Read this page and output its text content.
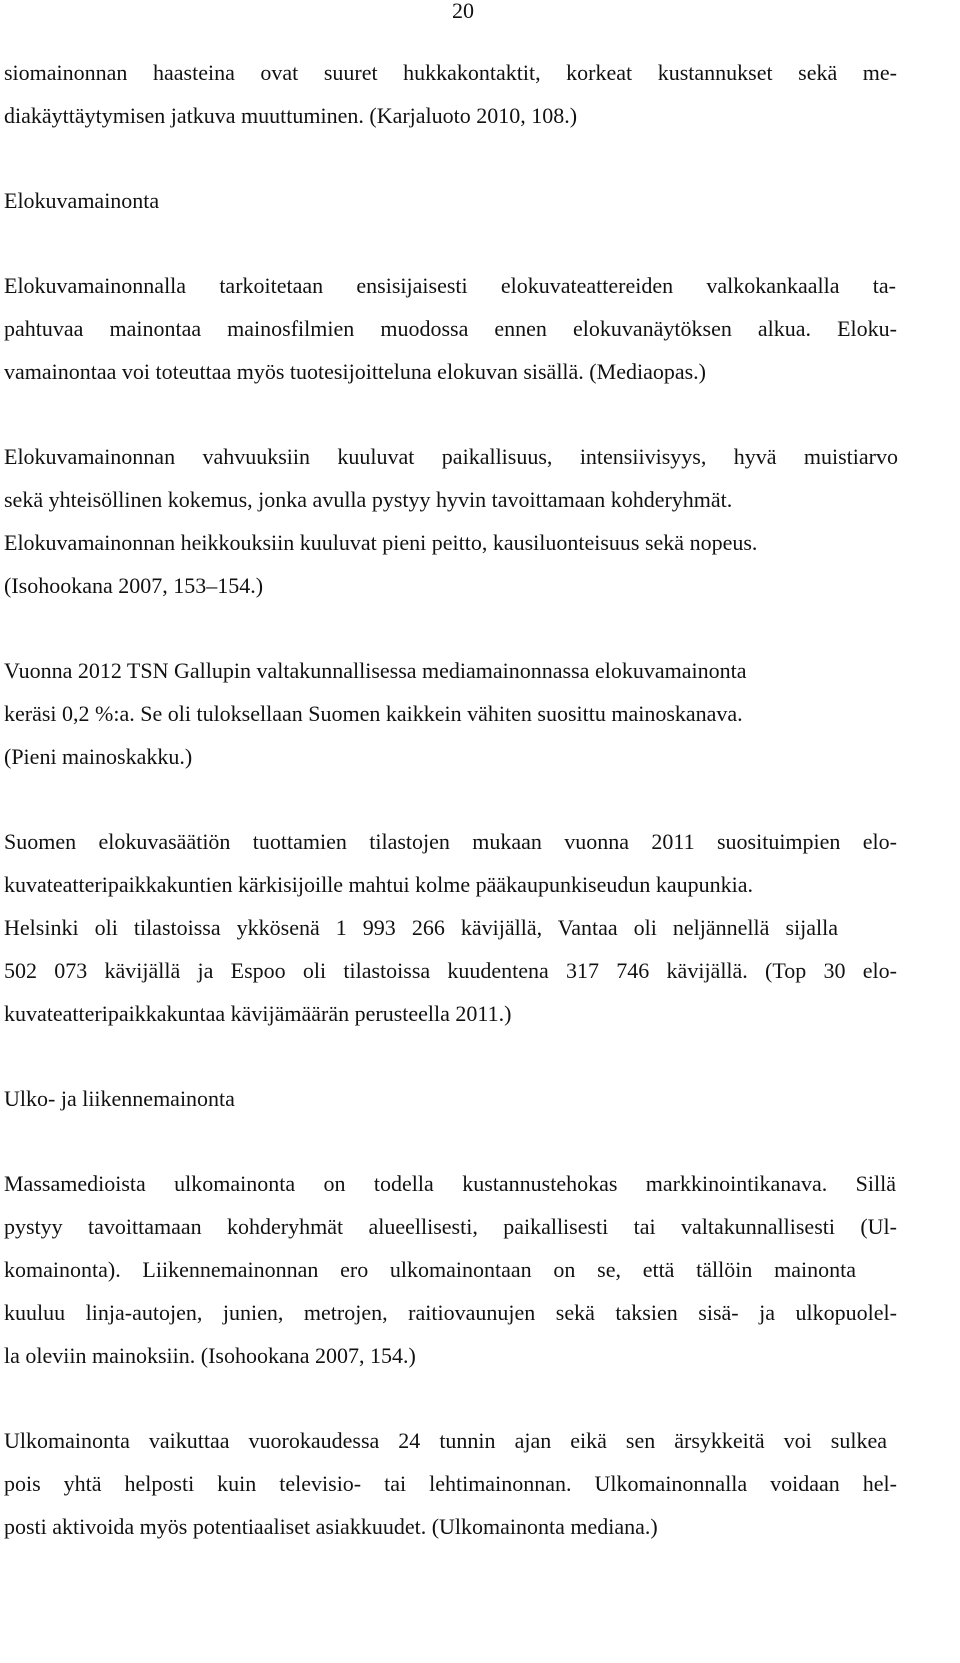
20
siomainonnan haasteina ovat suuret hukkakontaktit, korkeat kustannukset sekä me-
diakäyttäytymisen jatkuva muuttuminen. (Karjaluoto 2010, 108.)
Elokuvamainonta
Elokuvamainonnalla tarkoitetaan ensisijaisesti elokuvateattereiden valkokankaalla ta-
pahtuvaa mainontaa mainosfilmien muodossa ennen elokuvanäytöksen alkua. Eloku-
vamainontaa voi toteuttaa myös tuotesijoitteluna elokuvan sisällä. (Mediaopas.)
Elokuvamainonnan vahvuuksiin kuuluvat paikallisuus, intensiivisyys, hyvä muistiarvo
sekä yhteisöllinen kokemus, jonka avulla pystyy hyvin tavoittamaan kohderyhmät.
Elokuvamainonnan heikkouksiin kuuluvat pieni peitto, kausiluonteisuus sekä nopeus.
(Isohookana 2007, 153–154.)
Vuonna 2012 TSN Gallupin valtakunnallisessa mediamainonnassa elokuvamainonta
keräsi 0,2 %:a. Se oli tuloksellaan Suomen kaikkein vähiten suosittu mainoskanava.
(Pieni mainoskakku.)
Suomen elokuvasäätiön tuottamien tilastojen mukaan vuonna 2011 suosituimpien elo-
kuvateatteripaikkakuntien kärkisijoille mahtui kolme pääkaupunkiseudun kaupunkia.
Helsinki oli tilastoissa ykkösenä 1 993 266 kävijällä, Vantaa oli neljännellä sijalla
502 073 kävijällä ja Espoo oli tilastoissa kuudentena 317 746 kävijällä. (Top 30 elo-
kuvateatteripaikkakuntaa kävijämäärän perusteella 2011.)
Ulko- ja liikennemainonta
Massamedioista ulkomainonta on todella kustannustehokas markkinointikanava. Sillä
pystyy tavoittamaan kohderyhmät alueellisesti, paikallisesti tai valtakunnallisesti (Ul-
komainonta). Liikennemainonnan ero ulkomainontaan on se, että tällöin mainonta
kuuluu linja-autojen, junien, metrojen, raitiovaunujen sekä taksien sisä- ja ulkopuolel-
la oleviin mainoksiin. (Isohookana 2007, 154.)
Ulkomainonta vaikuttaa vuorokaudessa 24 tunnin ajan eikä sen ärsykkeitä voi sulkea
pois yhtä helposti kuin televisio- tai lehtimainonnan. Ulkomainonnalla voidaan hel-
posti aktivoida myös potentiaaliset asiakkuudet. (Ulkomainonta mediana.)
